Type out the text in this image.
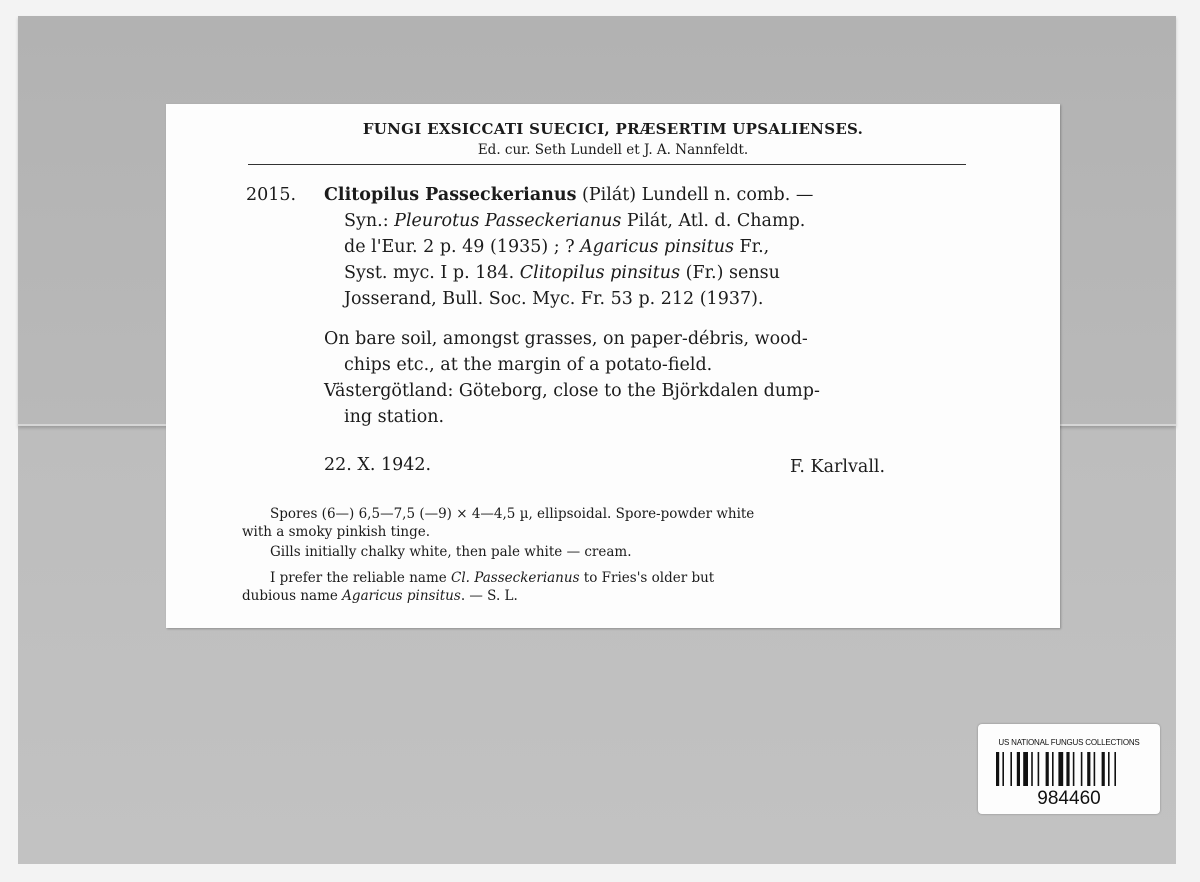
FUNGI EXSICCATI SUECICI, PRÆSERTIM UPSALIENSES.
Ed. cur. Seth Lundell et J. A. Nannfeldt.
2015. Clitopilus Passeckerianus (Pilát) Lundell n. comb. —
Syn.: Pleurotus Passeckerianus Pilát, Atl. d. Champ.
de l'Eur. 2 p. 49 (1935) ; ? Agaricus pinsitus Fr.,
Syst. myc. I p. 184. Clitopilus pinsitus (Fr.) sensu
Josserand, Bull. Soc. Myc. Fr. 53 p. 212 (1937).
On bare soil, amongst grasses, on paper-débris, wood-
chips etc., at the margin of a potato-field.
Västergötland: Göteborg, close to the Björkdalen dump-
ing station.
22. X. 1942.	F. Karlvall.
Spores (6—) 6,5—7,5 (—9) × 4—4,5 µ, ellipsoidal. Spore-powder white
with a smoky pinkish tinge.
Gills initially chalky white, then pale white — cream.
I prefer the reliable name Cl. Passeckerianus to Fries's older but
dubious name Agaricus pinsitus. — S. L.
US NATIONAL FUNGUS COLLECTIONS
984460
